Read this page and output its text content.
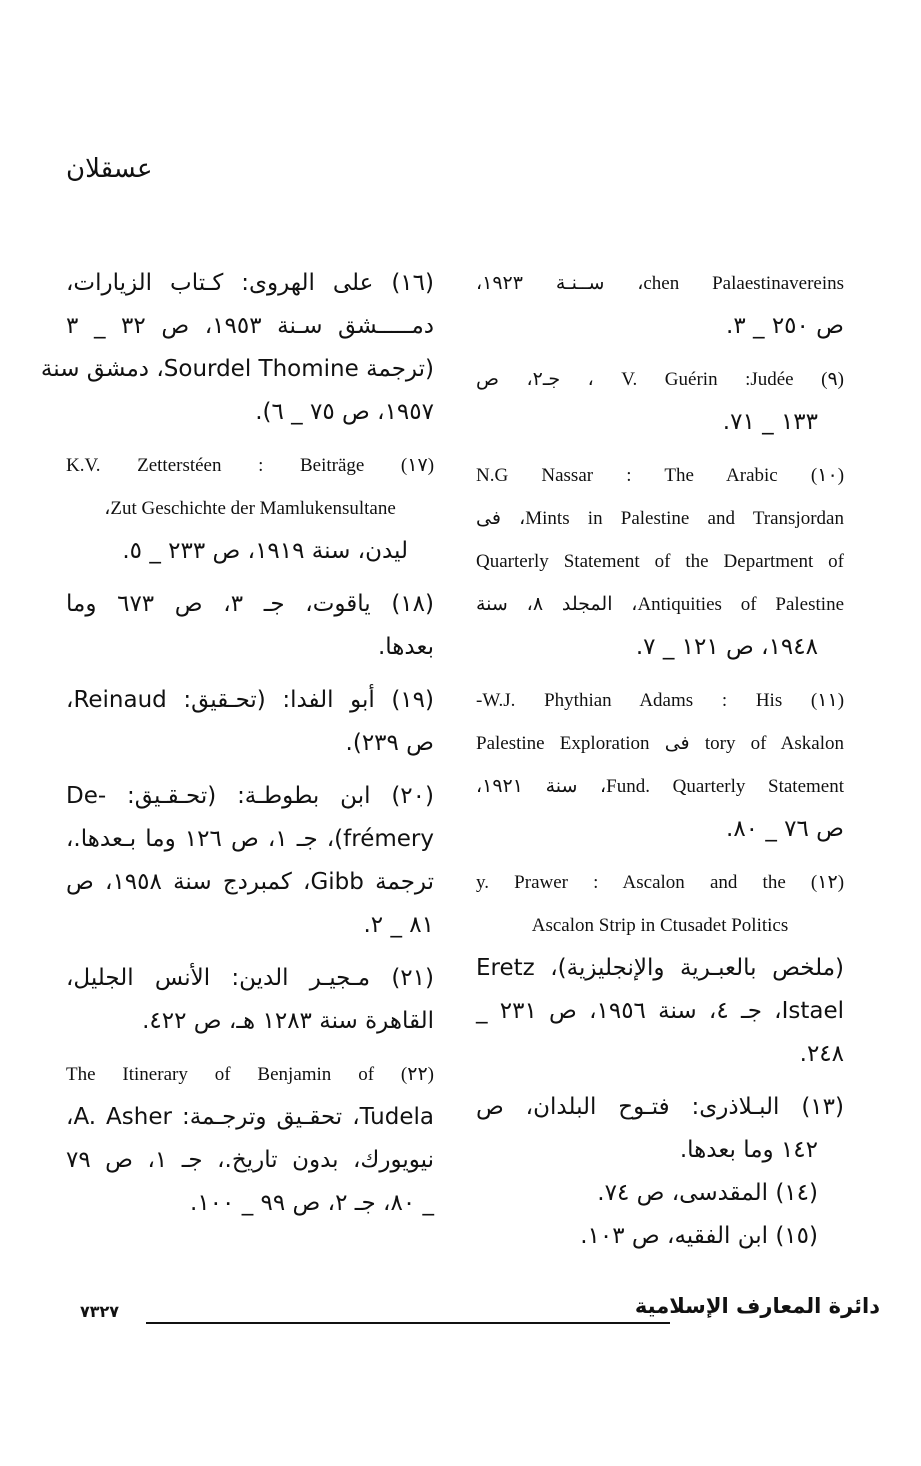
عسقلان
chen Palaestinavereins، ســنـة ١٩٢٣،
ص ٢٥٠ _ ٣.
(٩) V. Guérin :Judée ، جـ٢، ص
١٣٣ _ ٧١.
(١٠) N.G Nassar : The Arabic
Mints in Palestine and Transjordan، فى
Quarterly Statement of the Department of
Antiquities of Palestine، المجلد ٨، سنة
١٩٤٨، ص ١٢١ _ ٧.
(١١) W.J. Phythian Adams : His-
tory of Askalon فى Palestine Exploration
Fund. Quarterly Statement، سنة ١٩٢١،
ص ٧٦ _ ٨٠.
(١٢) y. Prawer : Ascalon and the
Ascalon Strip in Ctusadet Politics
(ملخص بالعبـرية والإنجليزية)، Eretz
Istael، جـ ٤، سنة ١٩٥٦، ص ٢٣١ _
٢٤٨.
(١٣) البـلاذرى: فتـوح البلدان، ص
١٤٢ وما بعدها.
(١٤) المقدسى، ص ٧٤.
(١٥) ابن الفقيه، ص ١٠٣.
(١٦) على الهروى: كـتاب الزيارات،
دمـــــشق سـنة ١٩٥٣، ص ٣٢ _ ٣
(ترجمة Sourdel Thomine، دمشق سنة
١٩٥٧، ص ٧٥ _ ٦).
(١٧) K.V. Zetterstéen : Beiträge
Zut Geschichte der Mamlukensultane،
ليدن، سنة ١٩١٩، ص ٢٣٣ _ ٥.
(١٨) ياقوت، جـ ٣، ص ٦٧٣ وما
بعدها.
(١٩) أبو الفدا: (تحـقيق: Reinaud،
ص ٢٣٩).
(٢٠) ابن بطوطـة: (تحـقـيق: -De
frémery)، جـ ١، ص ١٢٦ وما بـعدها.،
ترجمة Gibb، كمبردج سنة ١٩٥٨، ص
٨١ _ ٢.
(٢١) مـجيـر الدين: الأنس الجليل،
القاهرة سنة ١٢٨٣ هـ، ص ٤٢٢.
(٢٢) The Itinerary of Benjamin of
Tudela، تحقـيق وترجـمة: A. Asher،
نيويورك، بدون تاريخ.، جـ ١، ص ٧٩
_ ٨٠، جـ ٢، ص ٩٩ _ ١٠٠.
دائرة المعارف الإسلامية
٧٣٢٧
